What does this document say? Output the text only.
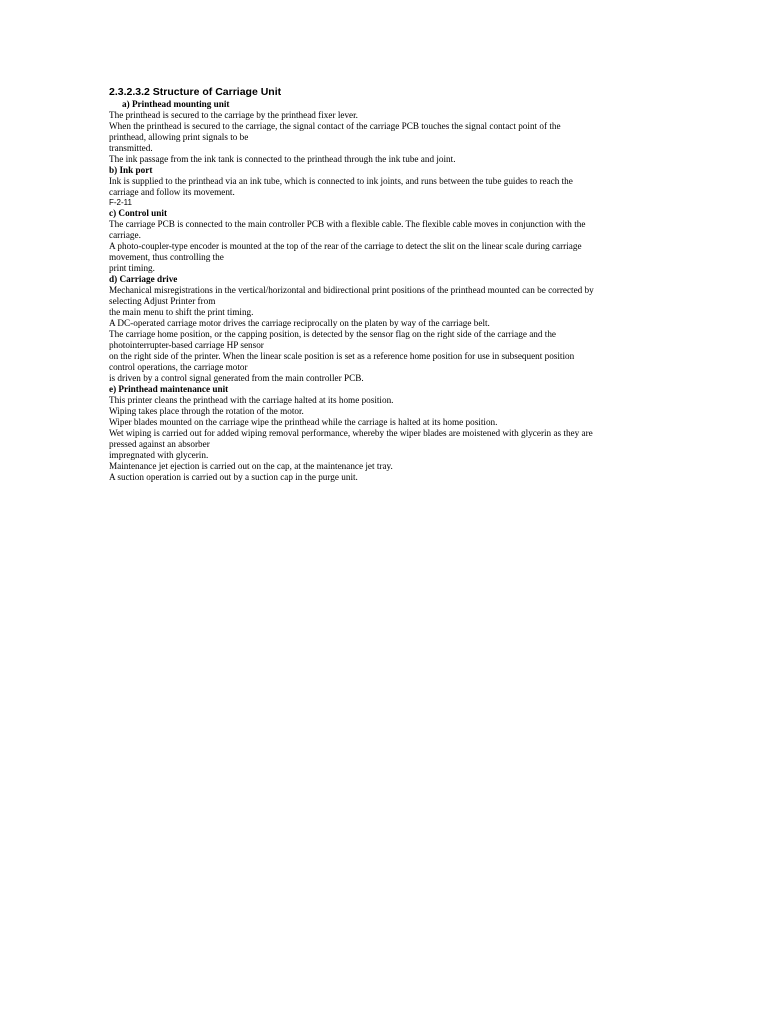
2.3.2.3.2 Structure of Carriage Unit
a) Printhead mounting unit
The printhead is secured to the carriage by the printhead fixer lever.
When the printhead is secured to the carriage, the signal contact of the carriage PCB touches the signal contact point of the
printhead, allowing print signals to be
transmitted.
The ink passage from the ink tank is connected to the printhead through the ink tube and joint.
b) Ink port
Ink is supplied to the printhead via an ink tube, which is connected to ink joints, and runs between the tube guides to reach the
carriage and follow its movement.
F-2-11
c) Control unit
The carriage PCB is connected to the main controller PCB with a flexible cable. The flexible cable moves in conjunction with the
carriage.
A photo-coupler-type encoder is mounted at the top of the rear of the carriage to detect the slit on the linear scale during carriage
movement, thus controlling the
print timing.
d) Carriage drive
Mechanical misregistrations in the vertical/horizontal and bidirectional print positions of the printhead mounted can be corrected by
selecting Adjust Printer from
the main menu to shift the print timing.
A DC-operated carriage motor drives the carriage reciprocally on the platen by way of the carriage belt.
The carriage home position, or the capping position, is detected by the sensor flag on the right side of the carriage and the
photointerrupter-based carriage HP sensor
on the right side of the printer. When the linear scale position is set as a reference home position for use in subsequent position
control operations, the carriage motor
is driven by a control signal generated from the main controller PCB.
e) Printhead maintenance unit
This printer cleans the printhead with the carriage halted at its home position.
Wiping takes place through the rotation of the motor.
Wiper blades mounted on the carriage wipe the printhead while the carriage is halted at its home position.
Wet wiping is carried out for added wiping removal performance, whereby the wiper blades are moistened with glycerin as they are
pressed against an absorber
impregnated with glycerin.
Maintenance jet ejection is carried out on the cap, at the maintenance jet tray.
A suction operation is carried out by a suction cap in the purge unit.
